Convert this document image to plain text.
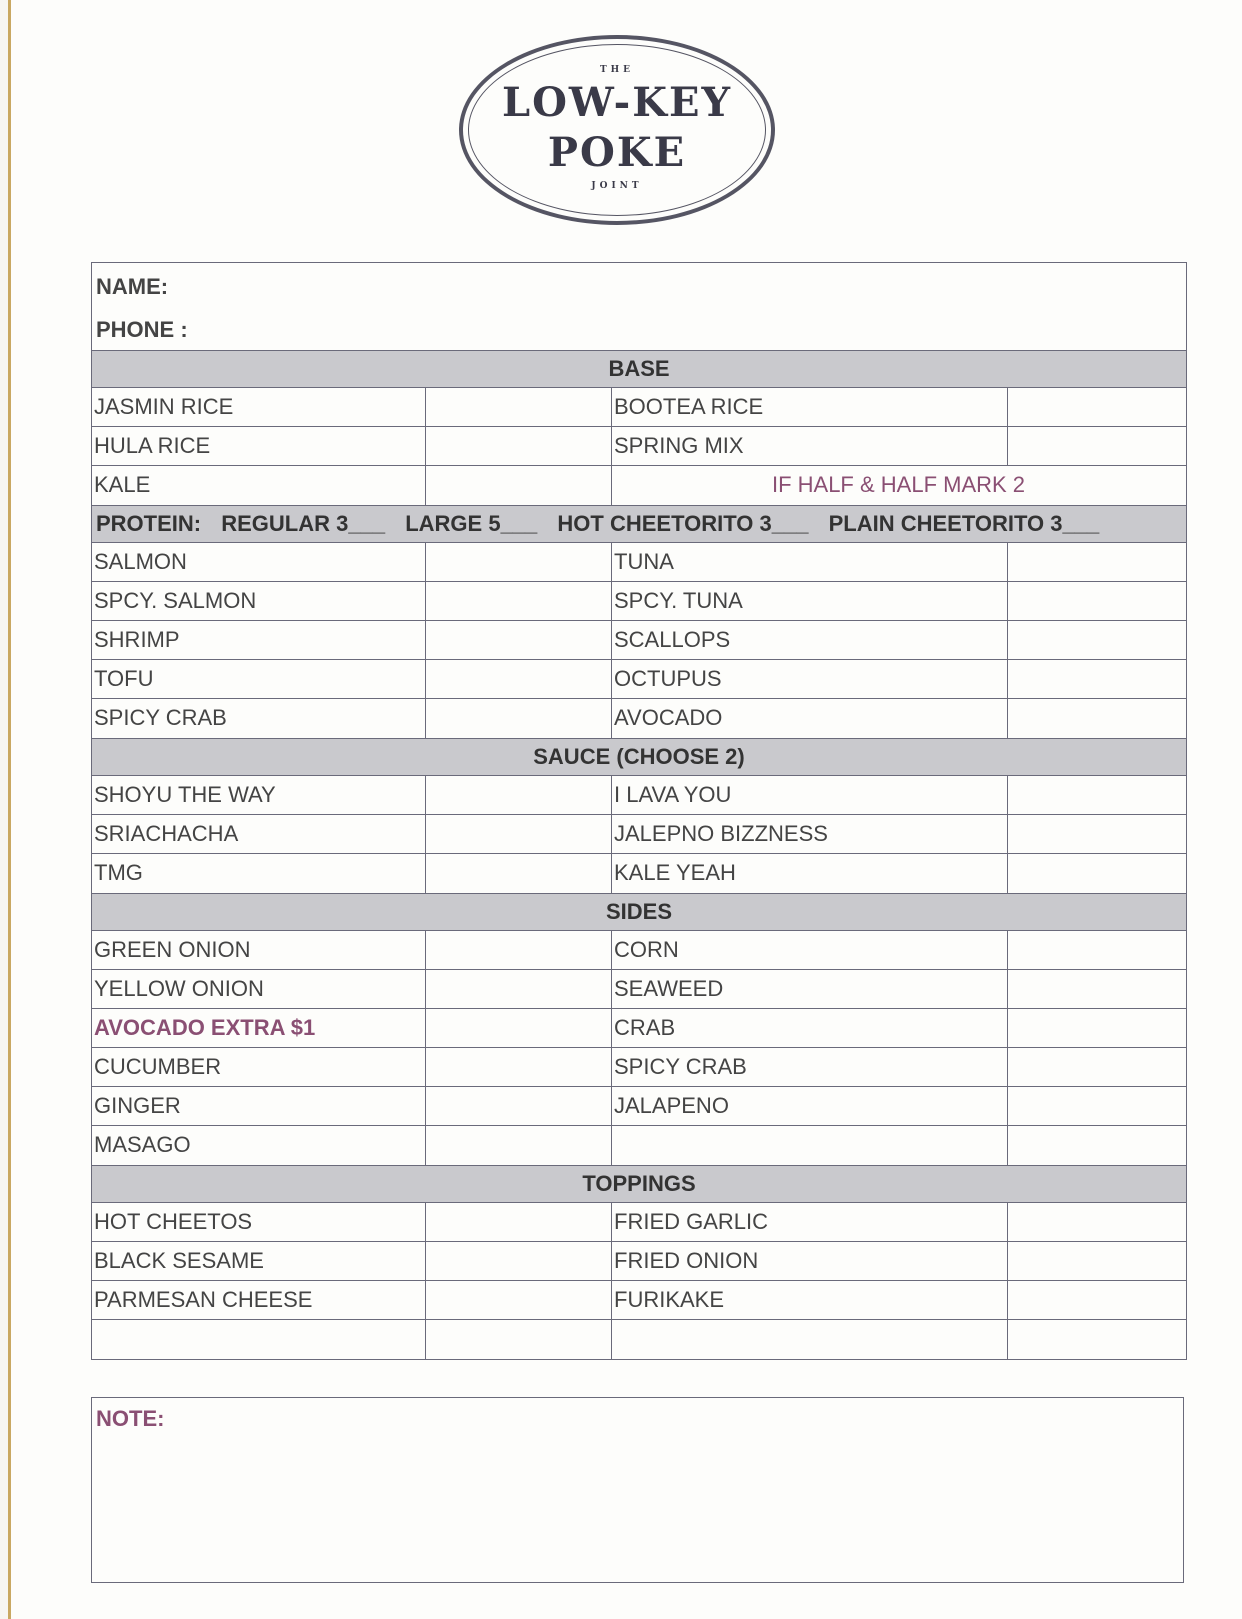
THE
LOW-KEY
POKE
JOINT
NAME:
PHONE :
BASE
JASMIN RICE	BOOTEA RICE
HULA RICE	SPRING MIX
KALE	IF HALF & HALF MARK 2
PROTEIN: REGULAR 3___ LARGE 5___ HOT CHEETORITO 3___ PLAIN CHEETORITO 3___
SALMON	TUNA
SPCY. SALMON	SPCY. TUNA
SHRIMP	SCALLOPS
TOFU	OCTUPUS
SPICY CRAB	AVOCADO
SAUCE (CHOOSE 2)
SHOYU THE WAY	I LAVA YOU
SRIACHACHA	JALEPNO BIZZNESS
TMG	KALE YEAH
SIDES
GREEN ONION	CORN
YELLOW ONION	SEAWEED
AVOCADO EXTRA $1	CRAB
CUCUMBER	SPICY CRAB
GINGER	JALAPENO
MASAGO
TOPPINGS
HOT CHEETOS	FRIED GARLIC
BLACK SESAME	FRIED ONION
PARMESAN CHEESE	FURIKAKE
NOTE:
